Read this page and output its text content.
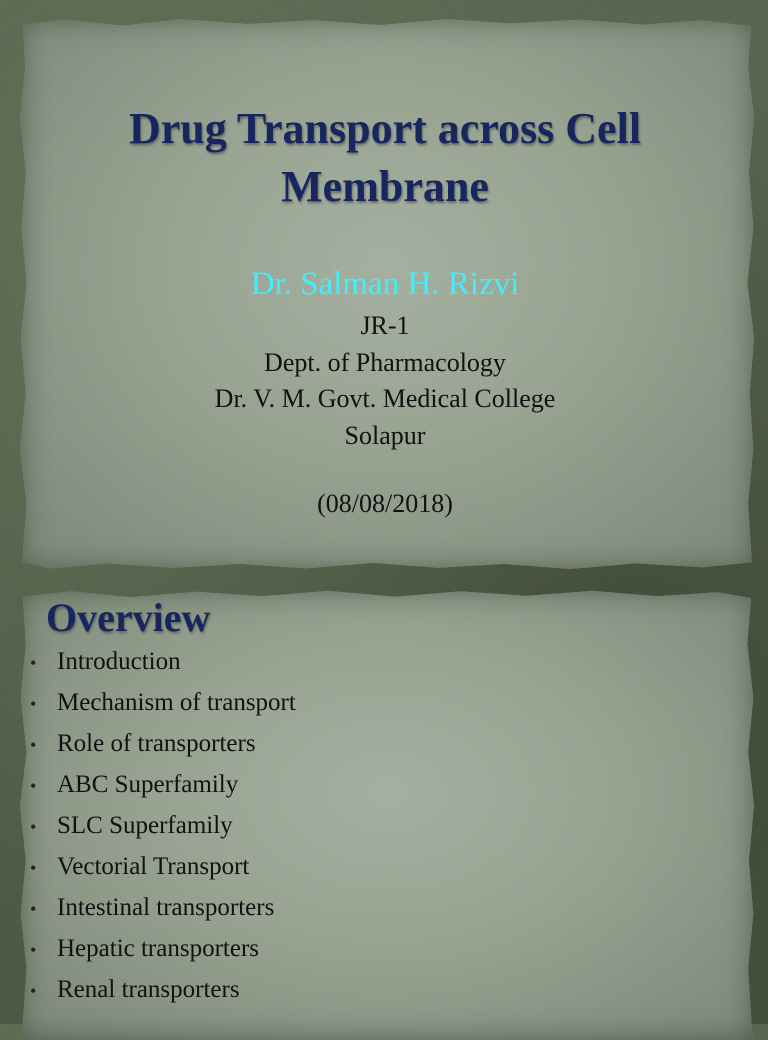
Drug Transport across Cell Membrane
Dr. Salman H. Rizvi
JR-1
Dept. of Pharmacology
Dr. V. M. Govt. Medical College
Solapur
(08/08/2018)
Overview
• Introduction
• Mechanism of transport
• Role of transporters
• ABC Superfamily
• SLC Superfamily
• Vectorial Transport
• Intestinal transporters
• Hepatic transporters
• Renal transporters
